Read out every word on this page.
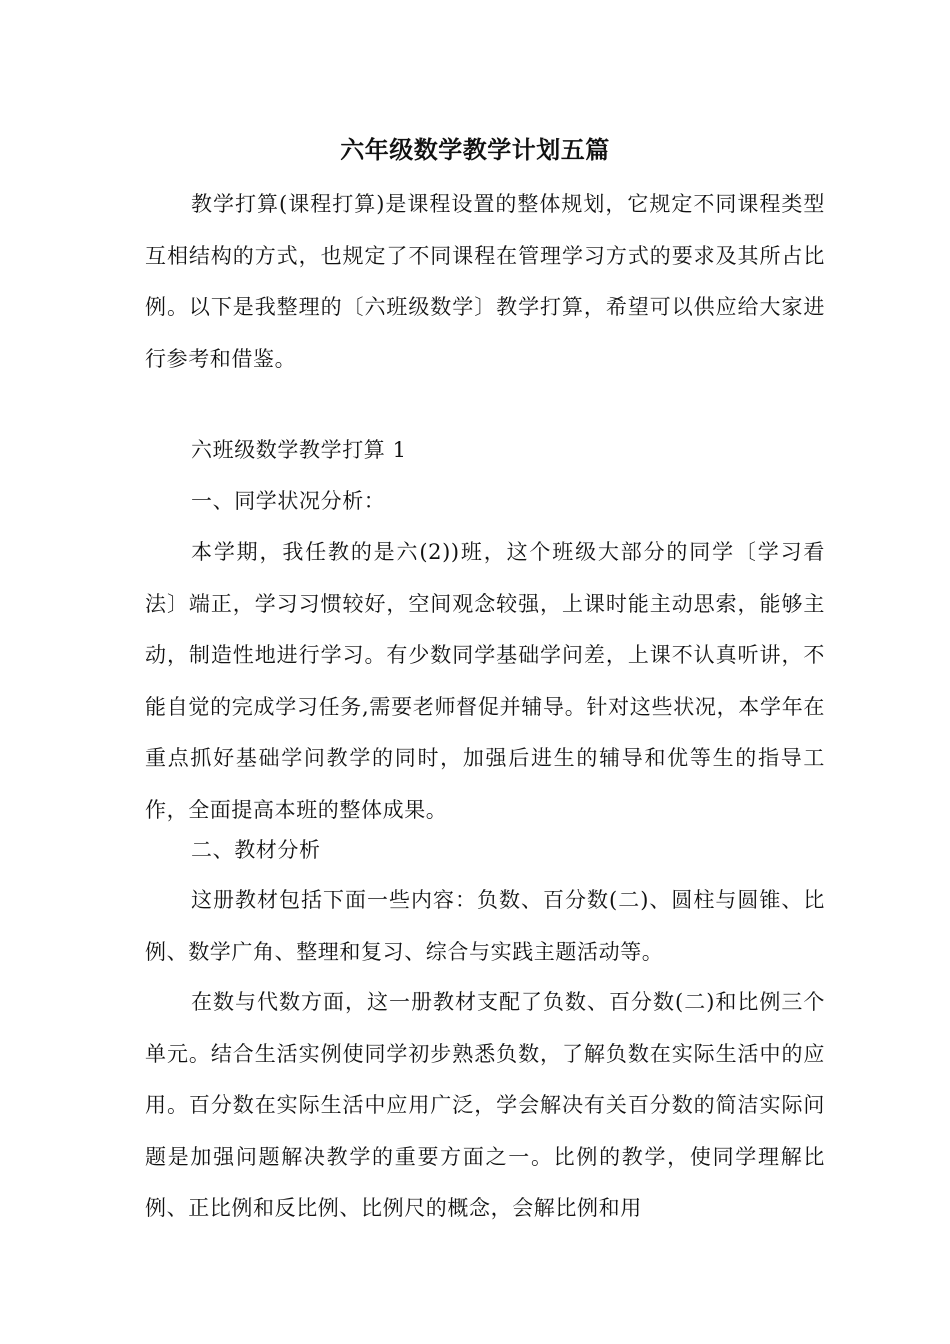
六年级数学教学计划五篇

教学打算(课程打算)是课程设置的整体规划，它规定不同课程类型互相结构的方式，也规定了不同课程在管理学习方式的要求及其所占比例。以下是我整理的〔六班级数学〕教学打算，希望可以供应给大家进行参考和借鉴。

六班级数学教学打算 1

一、同学状况分析：

本学期，我任教的是六(2))班，这个班级大部分的同学〔学习看法〕端正，学习习惯较好，空间观念较强，上课时能主动思索，能够主动，制造性地进行学习。有少数同学基础学问差，上课不认真听讲，不能自觉的完成学习任务,需要老师督促并辅导。针对这些状况，本学年在重点抓好基础学问教学的同时，加强后进生的辅导和优等生的指导工作，全面提高本班的整体成果。

二、教材分析

这册教材包括下面一些内容：负数、百分数(二)、圆柱与圆锥、比例、数学广角、整理和复习、综合与实践主题活动等。

在数与代数方面，这一册教材支配了负数、百分数(二)和比例三个单元。结合生活实例使同学初步熟悉负数，了解负数在实际生活中的应用。百分数在实际生活中应用广泛，学会解决有关百分数的简洁实际问题是加强问题解决教学的重要方面之一。比例的教学，使同学理解比例、正比例和反比例、比例尺的概念，会解比例和用
